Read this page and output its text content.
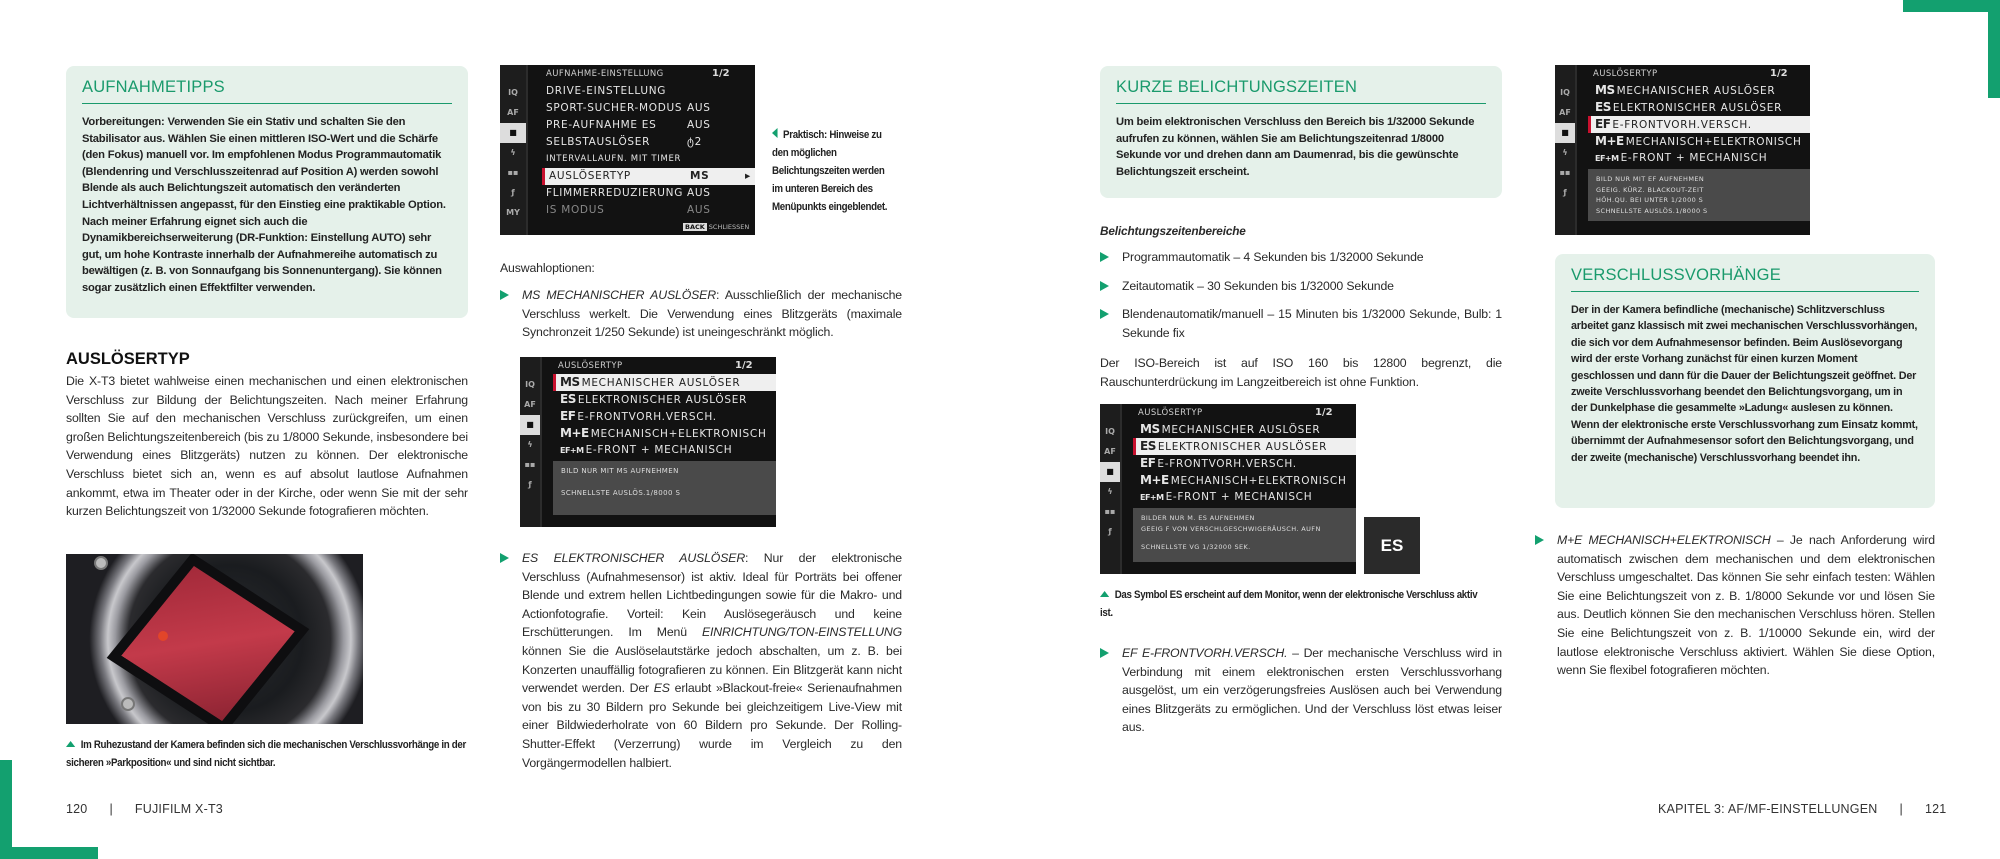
AUFNAHMETIPPS

Vorbereitungen: Verwenden Sie ein Stativ und schalten Sie den Stabilisator aus. Wählen Sie einen mittleren ISO-Wert und die Schärfe (den Fokus) manuell vor. Im empfohlenen Modus Programmautomatik (Blendenring und Verschlusszeitenrad auf Position A) werden sowohl Blende als auch Belichtungszeit automatisch den veränderten Lichtverhältnissen angepasst, für den Einstieg eine praktikable Option. Nach meiner Erfahrung eignet sich auch die Dynamikbereichserweiterung (DR-Funktion: Einstellung AUTO) sehr gut, um hohe Kontraste innerhalb der Aufnahmereihe automatisch zu bewältigen (z. B. von Sonnaufgang bis Sonnenuntergang). Sie können sogar zusätzlich einen Effektfilter verwenden.

AUSLÖSERTYP
Die X-T3 bietet wahlweise einen mechanischen und einen elektronischen Verschluss zur Bildung der Belichtungszeiten. Nach meiner Erfahrung sollten Sie auf den mechanischen Verschluss zurückgreifen, um einen großen Belichtungszeitenbereich (bis zu 1/8000 Sekunde, insbesondere bei Verwendung eines Blitzgeräts) nutzen zu können. Der elektronische Verschluss bietet sich an, wenn es auf absolut lautlose Aufnahmen ankommt, etwa im Theater oder in der Kirche, oder wenn Sie mit der sehr kurzen Belichtungszeit von 1/32000 Sekunde fotografieren möchten.
Im Ruhezustand der Kamera befinden sich die mechanischen Verschlussvorhänge in der sicheren »Parkposition« und sind nicht sichtbar.
IQ
AF
■
ϟ
▪▪
ƒ
MY
AUFNAHME-EINSTELLUNG	1/2
DRIVE-EINSTELLUNG
SPORT-SUCHER-MODUS AUS
PRE-AUFNAHME ES	AUS
SELBSTAUSLÖSER	ტ2
INTERVALLAUFN. MIT TIMER
AUSLÖSERTYP	MS	▸
FLIMMERREDUZIERUNG AUS
IS MODUS	AUS
BACK SCHLIESSEN
Praktisch: Hinweise zu den möglichen Belichtungszeiten werden im unteren Bereich des Menüpunkts eingeblendet.
Auswahloptionen:
MS MECHANISCHER AUSLÖSER: Ausschließlich der mechanische Verschluss werkelt. Die Verwendung eines Blitzgeräts (maximale Synchronzeit 1/250 Sekunde) ist uneingeschränkt möglich.
IQ
AF
■
ϟ
▪▪
ƒ
AUSLÖSERTYP	1/2
MS MECHANISCHER AUSLÖSER
ES ELEKTRONISCHER AUSLÖSER
EF E-FRONTVORH.VERSCH.
M+E MECHANISCH+ELEKTRONISCH
EF+M E-FRONT + MECHANISCH
BILD NUR MIT MS AUFNEHMEN
SCHNELLSTE AUSLÖS.1/8000 S
ES ELEKTRONISCHER AUSLÖSER: Nur der elektronische Verschluss (Aufnahmesensor) ist aktiv. Ideal für Porträts bei offener Blende und extrem hellen Lichtbedingungen sowie für die Makro- und Actionfotografie. Vorteil: Kein Auslösegeräusch und keine Erschütterungen. Im Menü EINRICHTUNG/TON-EINSTELLUNG können Sie die Auslöselautstärke jedoch abschalten, um z. B. bei Konzerten unauffällig fotografieren zu können. Ein Blitzgerät kann nicht verwendet werden. Der ES erlaubt »Blackout-freie« Serienaufnahmen von bis zu 30 Bildern pro Sekunde bei gleichzeitigem Live-View mit einer Bildwiederholrate von 60 Bildern pro Sekunde. Der Rolling-Shutter-Effekt (Verzerrung) wurde im Vergleich zu den Vorgängermodellen halbiert.
120 | FUJIFILM X-T3
KURZE BELICHTUNGSZEITEN

Um beim elektronischen Verschluss den Bereich bis 1/32000 Sekunde aufrufen zu können, wählen Sie am Belichtungszeitenrad 1/8000 Sekunde vor und drehen dann am Daumenrad, bis die gewünschte Belichtungszeit erscheint.

Belichtungszeitenbereiche
Programmautomatik – 4 Sekunden bis 1/32000 Sekunde
Zeitautomatik – 30 Sekunden bis 1/32000 Sekunde
Blendenautomatik/manuell – 15 Minuten bis 1/32000 Sekunde, Bulb: 1 Sekunde fix
Der ISO-Bereich ist auf ISO 160 bis 12800 begrenzt, die Rauschunterdrückung im Langzeitbereich ist ohne Funktion.
IQ
AF
■
ϟ
▪▪
ƒ
AUSLÖSERTYP	1/2
MS MECHANISCHER AUSLÖSER
ES ELEKTRONISCHER AUSLÖSER
EF E-FRONTVORH.VERSCH.
M+E MECHANISCH+ELEKTRONISCH
EF+M E-FRONT + MECHANISCH
BILDER NUR M. ES AUFNEHMEN
GEEIG F VON VERSCHLGESCHWIGERÄUSCH. AUFN
SCHNELLSTE VG 1/32000 SEK.	ES
Das Symbol ES erscheint auf dem Monitor, wenn der elektronische Verschluss aktiv ist.
EF E-FRONTVORH.VERSCH. – Der mechanische Verschluss wird in Verbindung mit einem elektronischen ersten Verschlussvorhang ausgelöst, um ein verzögerungsfreies Auslösen auch bei Verwendung eines Blitzgeräts zu ermöglichen. Und der Verschluss löst etwas leiser aus.
IQ
AF
■
ϟ
▪▪
ƒ
AUSLÖSERTYP	1/2
MS MECHANISCHER AUSLÖSER
ES ELEKTRONISCHER AUSLÖSER
EF E-FRONTVORH.VERSCH.
M+E MECHANISCH+ELEKTRONISCH
EF+M E-FRONT + MECHANISCH
BILD NUR MIT EF AUFNEHMEN
GEEIG. KÜRZ. BLACKOUT-ZEIT
HÖH.QU. BEI UNTER 1/2000 S
SCHNELLSTE AUSLÖS.1/8000 S
VERSCHLUSSVORHÄNGE

Der in der Kamera befindliche (mechanische) Schlitzverschluss arbeitet ganz klassisch mit zwei mechanischen Verschlussvorhängen, die sich vor dem Aufnahmesensor befinden. Beim Auslösevorgang wird der erste Vorhang zunächst für einen kurzen Moment geschlossen und dann für die Dauer der Belichtungszeit geöffnet. Der zweite Verschlussvorhang beendet den Belichtungsvorgang, um in der Dunkelphase die gesammelte »Ladung« auslesen zu können. Wenn der elektronische erste Verschlussvorhang zum Einsatz kommt, übernimmt der Aufnahmesensor sofort den Belichtungsvorgang, und der zweite (mechanische) Verschlussvorhang beendet ihn.

M+E MECHANISCH+ELEKTRONISCH – Je nach Anforderung wird automatisch zwischen dem mechanischen und dem elektronischen Verschluss umgeschaltet. Das können Sie sehr einfach testen: Wählen Sie eine Belichtungszeit von z. B. 1/8000 Sekunde vor und lösen Sie aus. Deutlich können Sie den mechanischen Verschluss hören. Stellen Sie eine Belichtungszeit von z. B. 1/10000 Sekunde ein, wird der lautlose elektronische Verschluss aktiviert. Wählen Sie diese Option, wenn Sie flexibel fotografieren möchten.
KAPITEL 3: AF/MF-EINSTELLUNGEN | 121
